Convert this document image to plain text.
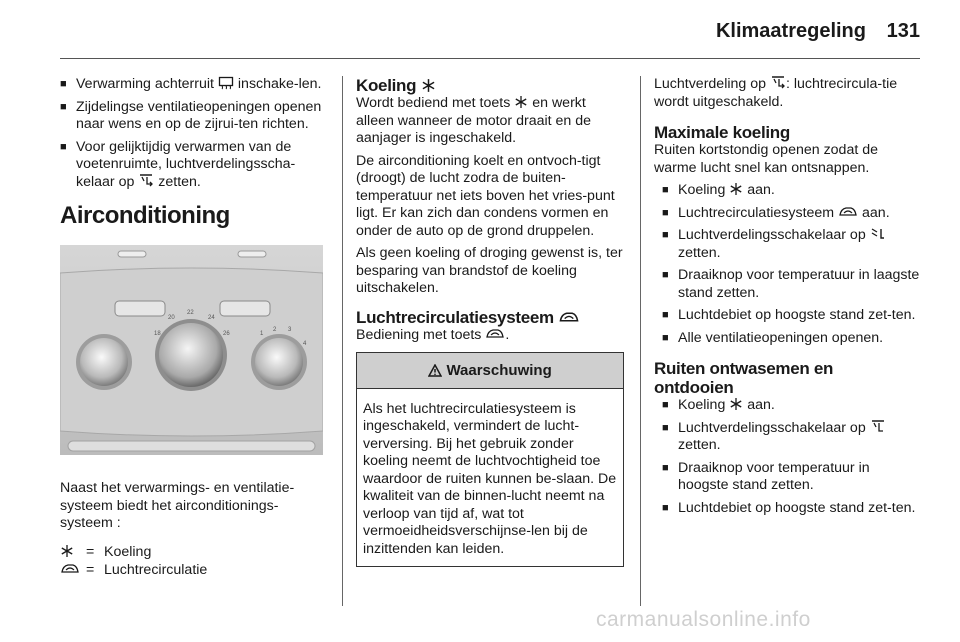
Klimaatregeling 131
■ Verwarming achterruit inschake-len.
■ Zijdelingse ventilatieopeningen openen naar wens en op de zijrui-ten richten.
■ Voor gelijktijdig verwarmen van de voetenruimte, luchtverdelingsscha-kelaar op zetten.
Airconditioning
18
20
22
24
26	1
2 3
4
Naast het verwarmings- en ventilatie-systeem biedt het airconditionings-systeem :
= Koeling
= Luchtrecirculatie
Koeling
Wordt bediend met toets en werkt alleen wanneer de motor draait en de aanjager is ingeschakeld.
De airconditioning koelt en ontvoch-tigt (droogt) de lucht zodra de buiten-temperatuur net iets boven het vries-punt ligt. Er kan zich dan condens vormen en onder de auto op de grond druppelen.
Als geen koeling of droging gewenst is, ter besparing van brandstof de koeling uitschakelen.
Luchtrecirculatiesysteem
Bediening met toets .
Waarschuwing
Als het luchtrecirculatiesysteem is ingeschakeld, vermindert de lucht-verversing. Bij het gebruik zonder koeling neemt de luchtvochtigheid toe waardoor de ruiten kunnen be-slaan. De kwaliteit van de binnen-lucht neemt na verloop van tijd af, wat tot vermoeidheidsverschijnse-len bij de inzittenden kan leiden.
Luchtverdeling op : luchtrecircula-tie wordt uitgeschakeld.
Maximale koeling
Ruiten kortstondig openen zodat de warme lucht snel kan ontsnappen.
■ Koeling aan.
■ Luchtrecirculatiesysteem aan.
■ Luchtverdelingsschakelaar op  zetten.
■ Draaiknop voor temperatuur in laagste stand zetten.
■ Luchtdebiet op hoogste stand zet-ten.
■ Alle ventilatieopeningen openen.
Ruiten ontwasemen en
ontdooien
■ Koeling aan.
■ Luchtverdelingsschakelaar op  zetten.
■ Draaiknop voor temperatuur in hoogste stand zetten.
■ Luchtdebiet op hoogste stand zet-ten.
carmanualsonline.info
